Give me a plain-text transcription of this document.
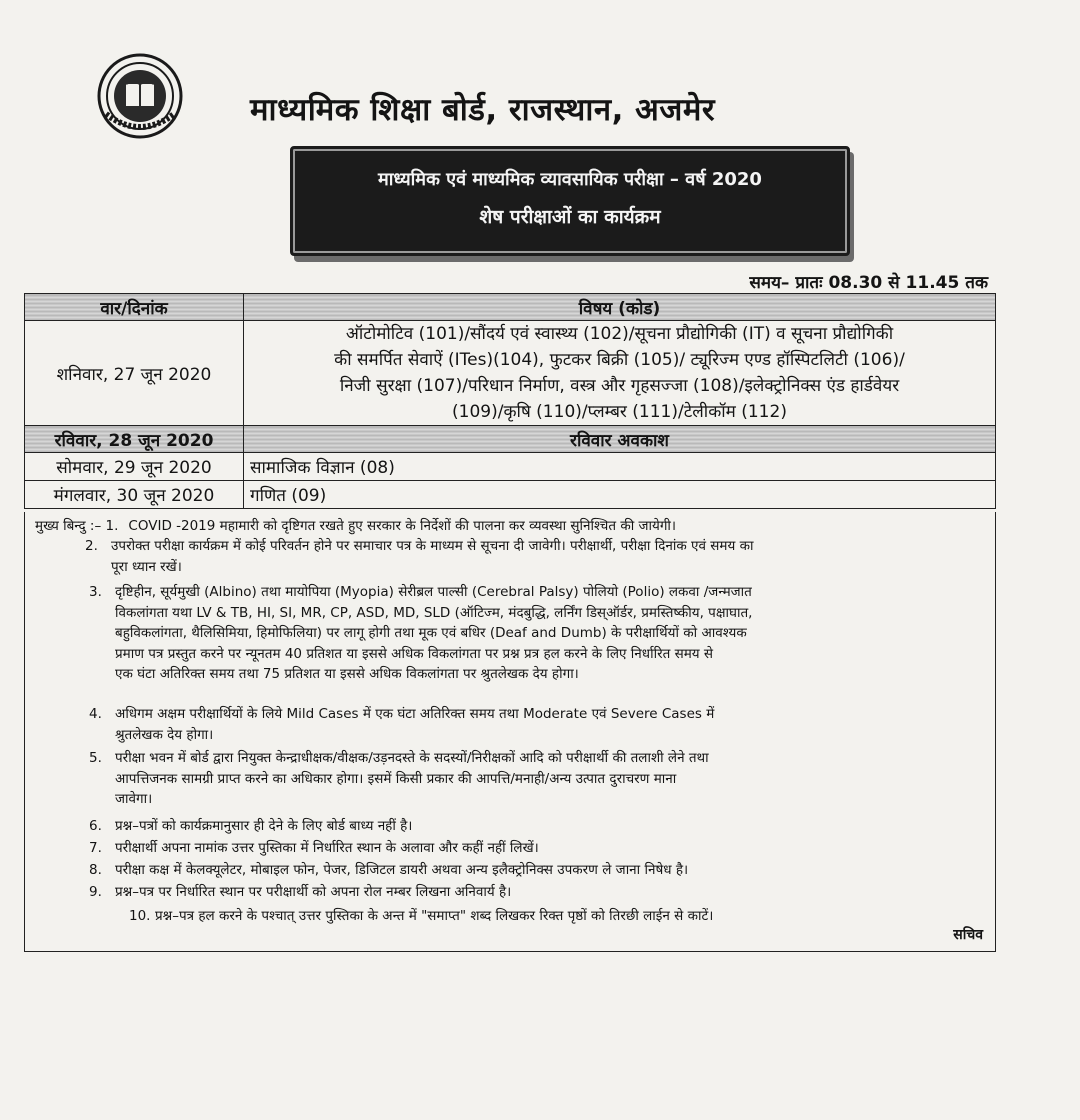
माध्यमिक शिक्षा बोर्ड, राजस्थान, अजमेर
माध्यमिक एवं माध्यमिक व्यावसायिक परीक्षा – वर्ष 2020
शेष परीक्षाओं का कार्यक्रम
समय– प्रातः 08.30 से 11.45 तक
वार/दिनांक	विषय (कोड)
शनिवार, 27 जून 2020	ऑटोमोटिव (101)/सौंदर्य एवं स्वास्थ्य (102)/सूचना प्रौद्योगिकी (IT) व सूचना प्रौद्योगिकी
की समर्पित सेवाऐं (ITes)(104), फुटकर बिक्री (105)/ ट्यूरिज्म एण्ड हॉस्पिटलिटी (106)/
निजी सुरक्षा (107)/परिधान निर्माण, वस्त्र और गृहसज्जा (108)/इलेक्ट्रोनिक्स एंड हार्डवेयर
(109)/कृषि (110)/प्लम्बर (111)/टेलीकॉम (112)

रविवार, 28 जून 2020	रविवार अवकाश
सोमवार, 29 जून 2020	सामाजिक विज्ञान (08)
मंगलवार, 30 जून 2020	गणित (09)
मुख्य बिन्दु :– 1. COVID -2019 महामारी को दृष्टिगत रखते हुए सरकार के निर्देशों की पालना कर व्यवस्था सुनिश्चित की जायेगी।
2. उपरोक्त परीक्षा कार्यक्रम में कोई परिवर्तन होने पर समाचार पत्र के माध्यम से सूचना दी जावेगी। परीक्षार्थी, परीक्षा दिनांक एवं समय का
पूरा ध्यान रखें।
3. दृष्टिहीन, सूर्यमुखी (Albino) तथा मायोपिया (Myopia) सेरीब्रल पाल्सी (Cerebral Palsy) पोलियो (Polio) लकवा /जन्मजात
विकलांगता यथा LV & TB, HI, SI, MR, CP, ASD, MD, SLD (ऑटिज्म, मंदबुद्धि, लर्निंग डिस्ऑर्डर, प्रमस्तिष्कीय, पक्षाघात,
बहुविकलांगता, थैलिसिमिया, हिमोफिलिया) पर लागू होगी तथा मूक एवं बधिर (Deaf and Dumb) के परीक्षार्थियों को आवश्यक
प्रमाण पत्र प्रस्तुत करने पर न्यूनतम 40 प्रतिशत या इससे अधिक विकलांगता पर प्रश्न प्रत्र हल करने के लिए निर्धारित समय से
एक घंटा अतिरिक्त समय तथा 75 प्रतिशत या इससे अधिक विकलांगता पर श्रुतलेखक देय होगा।
4. अधिगम अक्षम परीक्षार्थियों के लिये Mild Cases में एक घंटा अतिरिक्त समय तथा Moderate एवं Severe Cases में
श्रुतलेखक देय होगा।
5. परीक्षा भवन में बोर्ड द्वारा नियुक्त केन्द्राधीक्षक/वीक्षक/उड़नदस्ते के सदस्यों/निरीक्षकों आदि को परीक्षार्थी की तलाशी लेने तथा
आपत्तिजनक सामग्री प्राप्त करने का अधिकार होगा। इसमें किसी प्रकार की आपत्ति/मनाही/अन्य उत्पात दुराचरण माना
जावेगा।
6. प्रश्न–पत्रों को कार्यक्रमानुसार ही देने के लिए बोर्ड बाध्य नहीं है।
7. परीक्षार्थी अपना नामांक उत्तर पुस्तिका में निर्धारित स्थान के अलावा और कहीं नहीं लिखें।
8. परीक्षा कक्ष में केलक्यूलेटर, मोबाइल फोन, पेजर, डिजिटल डायरी अथवा अन्य इलैक्ट्रोनिक्स उपकरण ले जाना निषेध है।
9. प्रश्न–पत्र पर निर्धारित स्थान पर परीक्षार्थी को अपना रोल नम्बर लिखना अनिवार्य है।
10. प्रश्न–पत्र हल करने के पश्चात् उत्तर पुस्तिका के अन्त में "समाप्त" शब्द लिखकर रिक्त पृष्ठों को तिरछी लाईन से काटें।
सचिव
